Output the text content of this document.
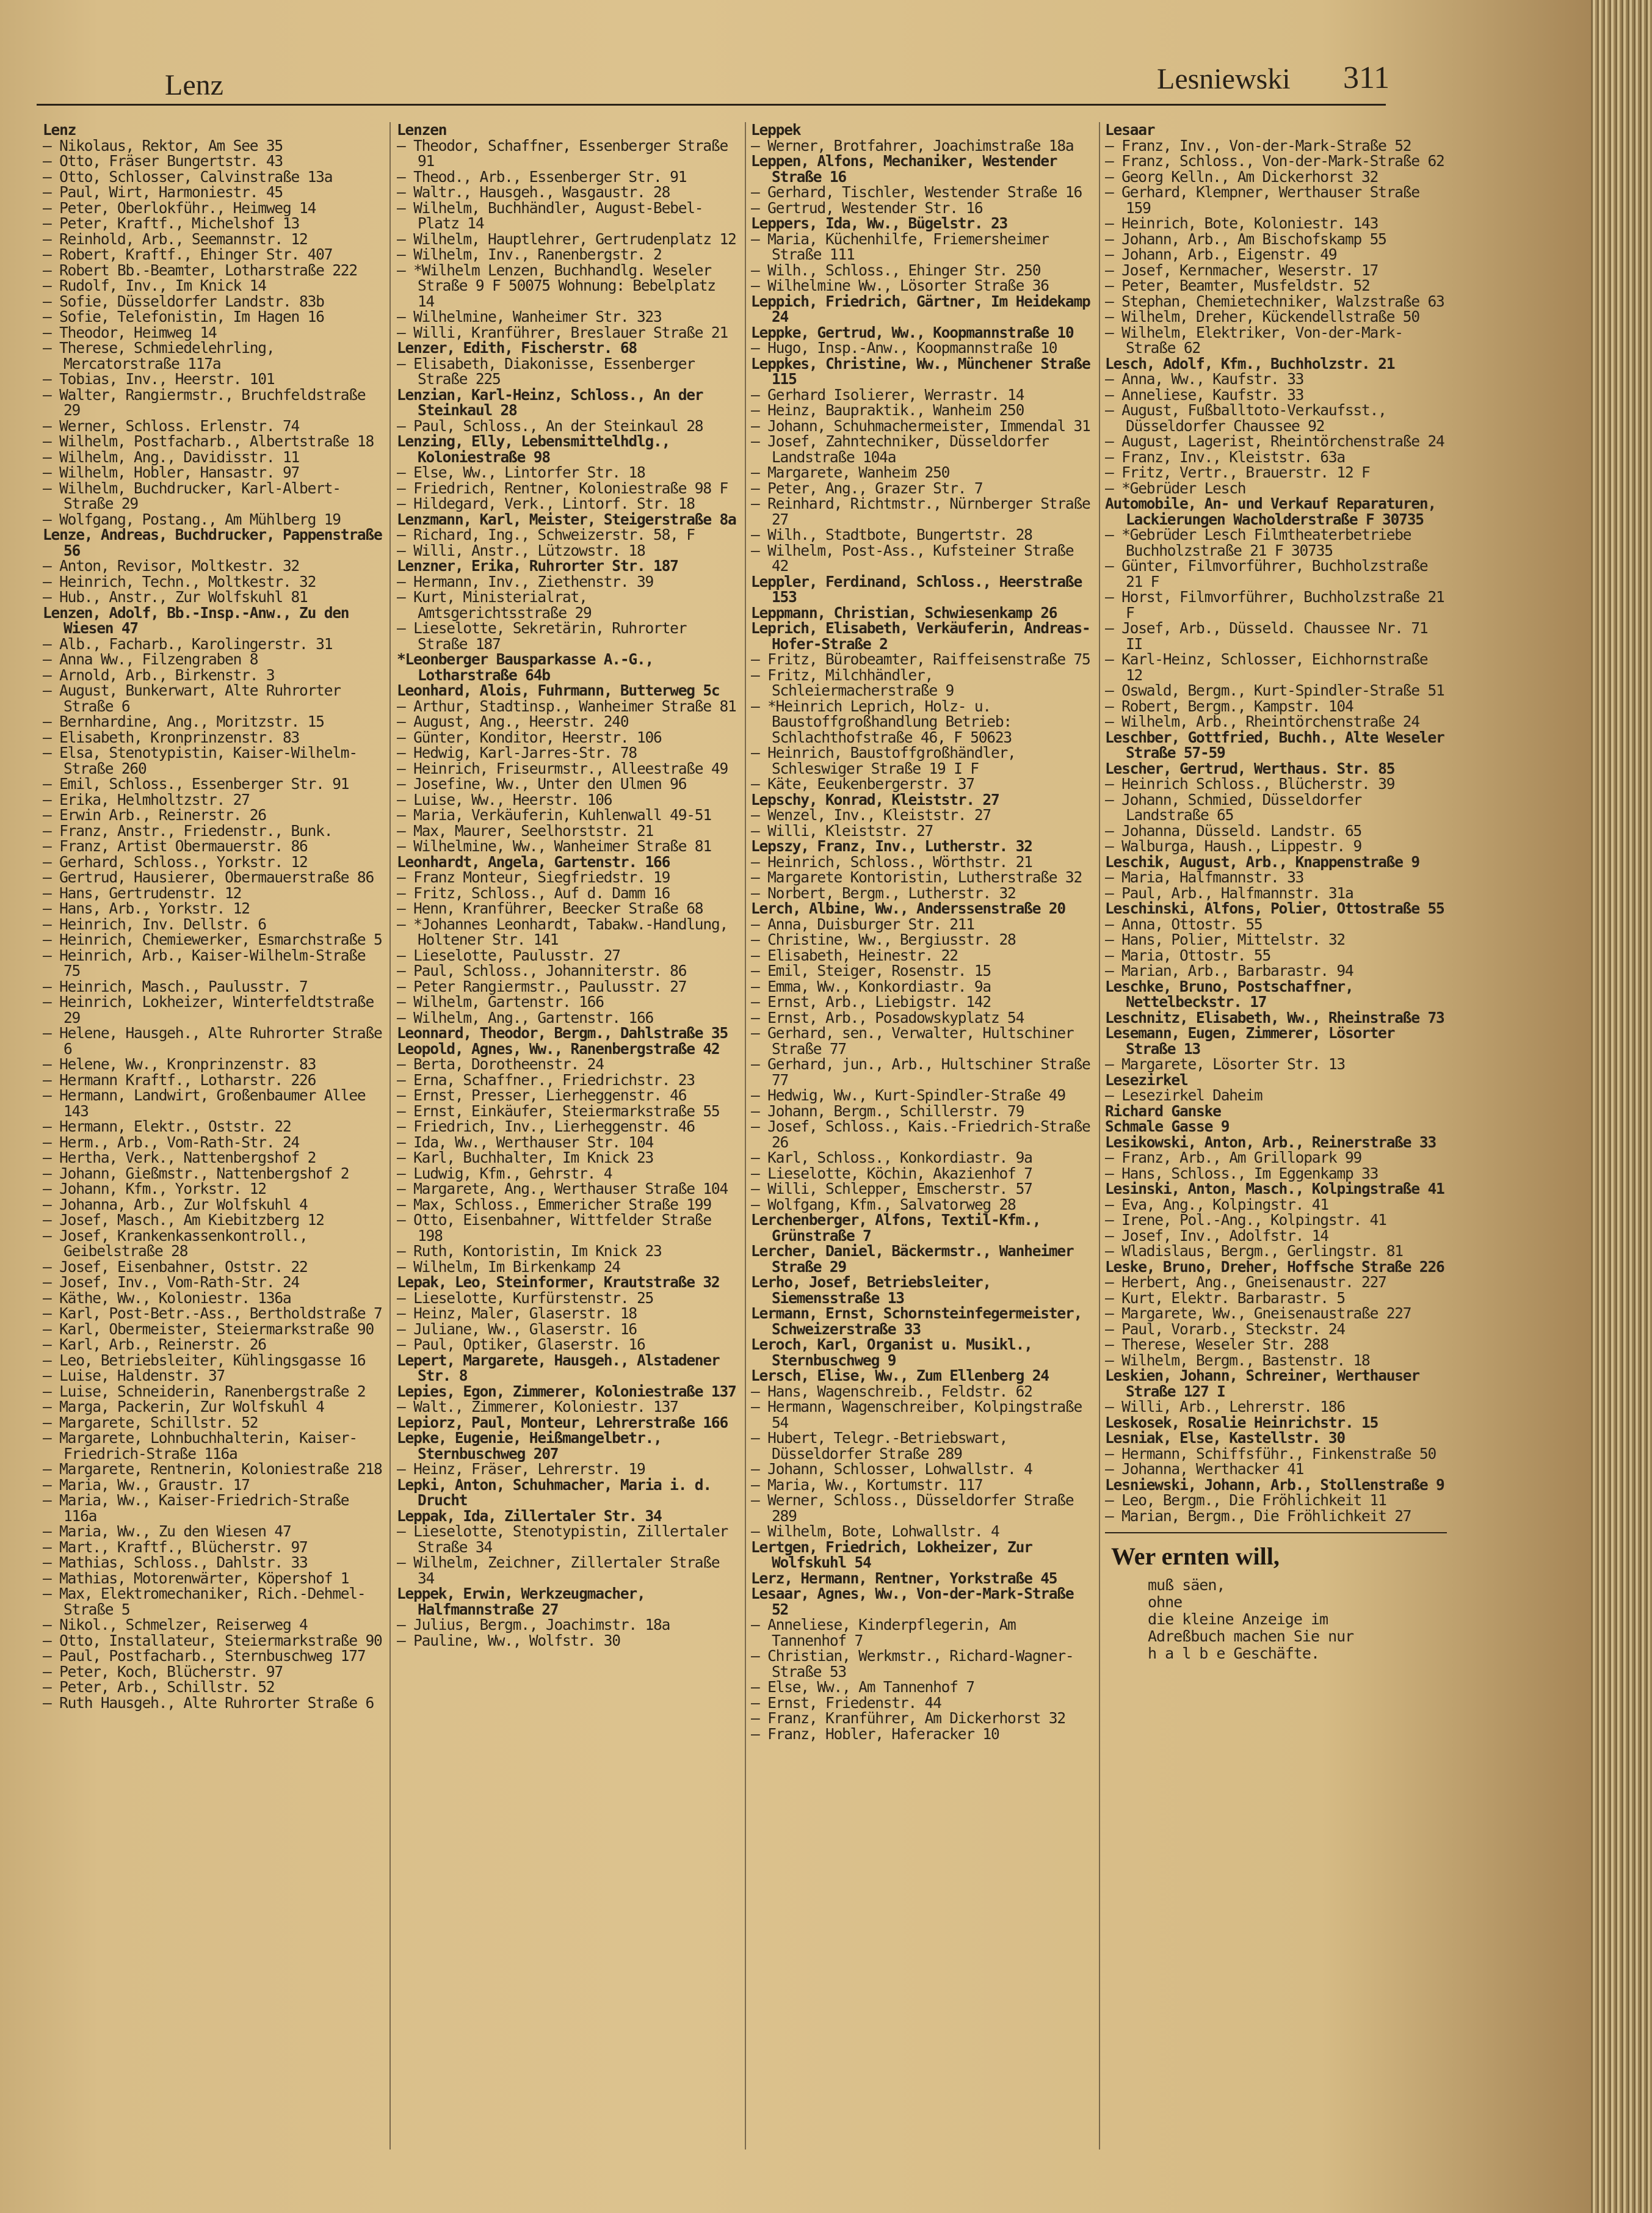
Lenz	Lesniewski 311

Lenz

— Nikolaus, Rektor, Am See 35

— Otto, Fräser Bungertstr. 43

— Otto, Schlosser, Calvinstraße 13a

— Paul, Wirt, Harmoniestr. 45

— Peter, Oberlokführ., Heimweg 14

— Peter, Kraftf., Michelshof 13

— Reinhold, Arb., Seemannstr. 12

— Robert, Kraftf., Ehinger Str. 407

— Robert Bb.-Beamter, Lotharstraße 222

— Rudolf, Inv., Im Knick 14

— Sofie, Düsseldorfer Landstr. 83b

— Sofie, Telefonistin, Im Hagen 16

— Theodor, Heimweg 14

— Therese, Schmiedelehrling, Mercatorstraße 117a

— Tobias, Inv., Heerstr. 101

— Walter, Rangiermstr., Bruchfeldstraße 29

— Werner, Schloss. Erlenstr. 74

— Wilhelm, Postfacharb., Albertstraße 18

— Wilhelm, Ang., Davidisstr. 11

— Wilhelm, Hobler, Hansastr. 97

— Wilhelm, Buchdrucker, Karl-Albert-Straße 29

— Wolfgang, Postang., Am Mühlberg 19

Lenze, Andreas, Buchdrucker, Pappenstraße 56

— Anton, Revisor, Moltkestr. 32

— Heinrich, Techn., Moltkestr. 32

— Hub., Anstr., Zur Wolfskuhl 81

Lenzen, Adolf, Bb.-Insp.-Anw., Zu den Wiesen 47

— Alb., Facharb., Karolingerstr. 31

— Anna Ww., Filzengraben 8

— Arnold, Arb., Birkenstr. 3

— August, Bunkerwart, Alte Ruhrorter Straße 6

— Bernhardine, Ang., Moritzstr. 15

— Elisabeth, Kronprinzenstr. 83

— Elsa, Stenotypistin, Kaiser-Wilhelm-Straße 260

— Emil, Schloss., Essenberger Str. 91

— Erika, Helmholtzstr. 27

— Erwin Arb., Reinerstr. 26

— Franz, Anstr., Friedenstr., Bunk.

— Franz, Artist Obermauerstr. 86

— Gerhard, Schloss., Yorkstr. 12

— Gertrud, Hausierer, Obermauerstraße 86

— Hans, Gertrudenstr. 12

— Hans, Arb., Yorkstr. 12

— Heinrich, Inv. Dellstr. 6

— Heinrich, Chemiewerker, Esmarchstraße 5

— Heinrich, Arb., Kaiser-Wilhelm-Straße 75

— Heinrich, Masch., Paulusstr. 7

— Heinrich, Lokheizer, Winterfeldtstraße 29

— Helene, Hausgeh., Alte Ruhrorter Straße 6

— Helene, Ww., Kronprinzenstr. 83

— Hermann Kraftf., Lotharstr. 226

— Hermann, Landwirt, Großenbaumer Allee 143

— Hermann, Elektr., Oststr. 22

— Herm., Arb., Vom-Rath-Str. 24

— Hertha, Verk., Nattenbergshof 2

— Johann, Gießmstr., Nattenbergshof 2

— Johann, Kfm., Yorkstr. 12

— Johanna, Arb., Zur Wolfskuhl 4

— Josef, Masch., Am Kiebitzberg 12

— Josef, Krankenkassenkontroll., Geibelstraße 28

— Josef, Eisenbahner, Oststr. 22

— Josef, Inv., Vom-Rath-Str. 24

— Käthe, Ww., Koloniestr. 136a

— Karl, Post-Betr.-Ass., Bertholdstraße 7

— Karl, Obermeister, Steiermarkstraße 90

— Karl, Arb., Reinerstr. 26

— Leo, Betriebsleiter, Kühlingsgasse 16

— Luise, Haldenstr. 37

— Luise, Schneiderin, Ranenbergstraße 2

— Marga, Packerin, Zur Wolfskuhl 4

— Margarete, Schillstr. 52

— Margarete, Lohnbuchhalterin, Kaiser-Friedrich-Straße 116a

— Margarete, Rentnerin, Koloniestraße 218

— Maria, Ww., Graustr. 17

— Maria, Ww., Kaiser-Friedrich-Straße 116a

— Maria, Ww., Zu den Wiesen 47

— Mart., Kraftf., Blücherstr. 97

— Mathias, Schloss., Dahlstr. 33

— Mathias, Motorenwärter, Köpershof 1

— Max, Elektromechaniker, Rich.-Dehmel-Straße 5

— Nikol., Schmelzer, Reiserweg 4

— Otto, Installateur, Steiermarkstraße 90

— Paul, Postfacharb., Sternbuschweg 177

— Peter, Koch, Blücherstr. 97

— Peter, Arb., Schillstr. 52

— Ruth Hausgeh., Alte Ruhrorter Straße 6

Lenzen

— Theodor, Schaffner, Essenberger Straße 91

— Theod., Arb., Essenberger Str. 91

— Waltr., Hausgeh., Wasgaustr. 28

— Wilhelm, Buchhändler, August-Bebel-Platz 14

— Wilhelm, Hauptlehrer, Gertrudenplatz 12

— Wilhelm, Inv., Ranenbergstr. 2

— *Wilhelm Lenzen, Buchhandlg. Weseler Straße 9 F 50075 Wohnung: Bebelplatz 14

— Wilhelmine, Wanheimer Str. 323

— Willi, Kranführer, Breslauer Straße 21

Lenzer, Edith, Fischerstr. 68

— Elisabeth, Diakonisse, Essenberger Straße 225

Lenzian, Karl-Heinz, Schloss., An der Steinkaul 28

— Paul, Schloss., An der Steinkaul 28

Lenzing, Elly, Lebensmittelhdlg., Koloniestraße 98

— Else, Ww., Lintorfer Str. 18

— Friedrich, Rentner, Koloniestraße 98 F

— Hildegard, Verk., Lintorf. Str. 18

Lenzmann, Karl, Meister, Steigerstraße 8a

— Richard, Ing., Schweizerstr. 58, F

— Willi, Anstr., Lützowstr. 18

Lenzner, Erika, Ruhrorter Str. 187

— Hermann, Inv., Ziethenstr. 39

— Kurt, Ministerialrat, Amtsgerichtsstraße 29

— Lieselotte, Sekretärin, Ruhrorter Straße 187

*Leonberger Bausparkasse A.-G., Lotharstraße 64b

Leonhard, Alois, Fuhrmann, Butterweg 5c

— Arthur, Stadtinsp., Wanheimer Straße 81

— August, Ang., Heerstr. 240

— Günter, Konditor, Heerstr. 106

— Hedwig, Karl-Jarres-Str. 78

— Heinrich, Friseurmstr., Alleestraße 49

— Josefine, Ww., Unter den Ulmen 96

— Luise, Ww., Heerstr. 106

— Maria, Verkäuferin, Kuhlenwall 49-51

— Max, Maurer, Seelhorststr. 21

— Wilhelmine, Ww., Wanheimer Straße 81

Leonhardt, Angela, Gartenstr. 166

— Franz Monteur, Siegfriedstr. 19

— Fritz, Schloss., Auf d. Damm 16

— Henn, Kranführer, Beecker Straße 68

— *Johannes Leonhardt, Tabakw.-Handlung, Holtener Str. 141

— Lieselotte, Paulusstr. 27

— Paul, Schloss., Johanniterstr. 86

— Peter Rangiermstr., Paulusstr. 27

— Wilhelm, Gartenstr. 166

— Wilhelm, Ang., Gartenstr. 166

Leonnard, Theodor, Bergm., Dahlstraße 35

Leopold, Agnes, Ww., Ranenbergstraße 42

— Berta, Dorotheenstr. 24

— Erna, Schaffner., Friedrichstr. 23

— Ernst, Presser, Lierheggenstr. 46

— Ernst, Einkäufer, Steiermarkstraße 55

— Friedrich, Inv., Lierheggenstr. 46

— Ida, Ww., Werthauser Str. 104

— Karl, Buchhalter, Im Knick 23

— Ludwig, Kfm., Gehrstr. 4

— Margarete, Ang., Werthauser Straße 104

— Max, Schloss., Emmericher Straße 199

— Otto, Eisenbahner, Wittfelder Straße 198

— Ruth, Kontoristin, Im Knick 23

— Wilhelm, Im Birkenkamp 24

Lepak, Leo, Steinformer, Krautstraße 32

— Lieselotte, Kurfürstenstr. 25

— Heinz, Maler, Glaserstr. 18

— Juliane, Ww., Glaserstr. 16

— Paul, Optiker, Glaserstr. 16

Lepert, Margarete, Hausgeh., Alstadener Str. 8

Lepies, Egon, Zimmerer, Koloniestraße 137

— Walt., Zimmerer, Koloniestr. 137

Lepiorz, Paul, Monteur, Lehrerstraße 166

Lepke, Eugenie, Heißmangelbetr., Sternbuschweg 207

— Heinz, Fräser, Lehrerstr. 19

Lepki, Anton, Schuhmacher, Maria i. d. Drucht

Leppak, Ida, Zillertaler Str. 34

— Lieselotte, Stenotypistin, Zillertaler Straße 34

— Wilhelm, Zeichner, Zillertaler Straße 34

Leppek, Erwin, Werkzeugmacher, Halfmannstraße 27

— Julius, Bergm., Joachimstr. 18a

— Pauline, Ww., Wolfstr. 30

Leppek

— Werner, Brotfahrer, Joachimstraße 18a

Leppen, Alfons, Mechaniker, Westender Straße 16

— Gerhard, Tischler, Westender Straße 16

— Gertrud, Westender Str. 16

Leppers, Ida, Ww., Bügelstr. 23

— Maria, Küchenhilfe, Friemersheimer Straße 111

— Wilh., Schloss., Ehinger Str. 250

— Wilhelmine Ww., Lösorter Straße 36

Leppich, Friedrich, Gärtner, Im Heidekamp 24

Leppke, Gertrud, Ww., Koopmannstraße 10

— Hugo, Insp.-Anw., Koopmannstraße 10

Leppkes, Christine, Ww., Münchener Straße 115

— Gerhard Isolierer, Werrastr. 14

— Heinz, Baupraktik., Wanheim 250

— Johann, Schuhmachermeister, Immendal 31

— Josef, Zahntechniker, Düsseldorfer Landstraße 104a

— Margarete, Wanheim 250

— Peter, Ang., Grazer Str. 7

— Reinhard, Richtmstr., Nürnberger Straße 27

— Wilh., Stadtbote, Bungertstr. 28

— Wilhelm, Post-Ass., Kufsteiner Straße 42

Leppler, Ferdinand, Schloss., Heerstraße 153

Leppmann, Christian, Schwiesenkamp 26

Leprich, Elisabeth, Verkäuferin, Andreas-Hofer-Straße 2

— Fritz, Bürobeamter, Raiffeisenstraße 75

— Fritz, Milchhändler, Schleiermacherstraße 9

— *Heinrich Leprich, Holz- u. Baustoffgroßhandlung Betrieb: Schlachthofstraße 46, F 50623

— Heinrich, Baustoffgroßhändler, Schleswiger Straße 19 I F

— Käte, Eeukenbergerstr. 37

Lepschy, Konrad, Kleiststr. 27

— Wenzel, Inv., Kleiststr. 27

— Willi, Kleiststr. 27

Lepszy, Franz, Inv., Lutherstr. 32

— Heinrich, Schloss., Wörthstr. 21

— Margarete Kontoristin, Lutherstraße 32

— Norbert, Bergm., Lutherstr. 32

Lerch, Albine, Ww., Anderssenstraße 20

— Anna, Duisburger Str. 211

— Christine, Ww., Bergiusstr. 28

— Elisabeth, Heinestr. 22

— Emil, Steiger, Rosenstr. 15

— Emma, Ww., Konkordiastr. 9a

— Ernst, Arb., Liebigstr. 142

— Ernst, Arb., Posadowskyplatz 54

— Gerhard, sen., Verwalter, Hultschiner Straße 77

— Gerhard, jun., Arb., Hultschiner Straße 77

— Hedwig, Ww., Kurt-Spindler-Straße 49

— Johann, Bergm., Schillerstr. 79

— Josef, Schloss., Kais.-Friedrich-Straße 26

— Karl, Schloss., Konkordiastr. 9a

— Lieselotte, Köchin, Akazienhof 7

— Willi, Schlepper, Emscherstr. 57

— Wolfgang, Kfm., Salvatorweg 28

Lerchenberger, Alfons, Textil-Kfm., Grünstraße 7

Lercher, Daniel, Bäckermstr., Wanheimer Straße 29

Lerho, Josef, Betriebsleiter, Siemensstraße 13

Lermann, Ernst, Schornsteinfegermeister, Schweizerstraße 33

Leroch, Karl, Organist u. Musikl., Sternbuschweg 9

Lersch, Elise, Ww., Zum Ellenberg 24

— Hans, Wagenschreib., Feldstr. 62

— Hermann, Wagenschreiber, Kolpingstraße 54

— Hubert, Telegr.-Betriebswart, Düsseldorfer Straße 289

— Johann, Schlosser, Lohwallstr. 4

— Maria, Ww., Kortumstr. 117

— Werner, Schloss., Düsseldorfer Straße 289

— Wilhelm, Bote, Lohwallstr. 4

Lertgen, Friedrich, Lokheizer, Zur Wolfskuhl 54

Lerz, Hermann, Rentner, Yorkstraße 45

Lesaar, Agnes, Ww., Von-der-Mark-Straße 52

— Anneliese, Kinderpflegerin, Am Tannenhof 7

— Christian, Werkmstr., Richard-Wagner-Straße 53

— Else, Ww., Am Tannenhof 7

— Ernst, Friedenstr. 44

— Franz, Kranführer, Am Dickerhorst 32

— Franz, Hobler, Haferacker 10

Lesaar

— Franz, Inv., Von-der-Mark-Straße 52

— Franz, Schloss., Von-der-Mark-Straße 62

— Georg Kelln., Am Dickerhorst 32

— Gerhard, Klempner, Werthauser Straße 159

— Heinrich, Bote, Koloniestr. 143

— Johann, Arb., Am Bischofskamp 55

— Johann, Arb., Eigenstr. 49

— Josef, Kernmacher, Weserstr. 17

— Peter, Beamter, Musfeldstr. 52

— Stephan, Chemietechniker, Walzstraße 63

— Wilhelm, Dreher, Kückendellstraße 50

— Wilhelm, Elektriker, Von-der-Mark-Straße 62

Lesch, Adolf, Kfm., Buchholzstr. 21

— Anna, Ww., Kaufstr. 33

— Anneliese, Kaufstr. 33

— August, Fußballtoto-Verkaufsst., Düsseldorfer Chaussee 92

— August, Lagerist, Rheintörchenstraße 24

— Franz, Inv., Kleiststr. 63a

— Fritz, Vertr., Brauerstr. 12 F

— *Gebrüder Lesch

Automobile, An- und Verkauf Reparaturen, Lackierungen Wacholderstraße F 30735

— *Gebrüder Lesch Filmtheaterbetriebe Buchholzstraße 21 F 30735

— Günter, Filmvorführer, Buchholzstraße 21 F

— Horst, Filmvorführer, Buchholzstraße 21 F

— Josef, Arb., Düsseld. Chaussee Nr. 71 II

— Karl-Heinz, Schlosser, Eichhornstraße 12

— Oswald, Bergm., Kurt-Spindler-Straße 51

— Robert, Bergm., Kampstr. 104

— Wilhelm, Arb., Rheintörchenstraße 24

Leschber, Gottfried, Buchh., Alte Weseler Straße 57-59

Lescher, Gertrud, Werthaus. Str. 85

— Heinrich Schloss., Blücherstr. 39

— Johann, Schmied, Düsseldorfer Landstraße 65

— Johanna, Düsseld. Landstr. 65

— Walburga, Haush., Lippestr. 9

Leschik, August, Arb., Knappenstraße 9

— Maria, Halfmannstr. 33

— Paul, Arb., Halfmannstr. 31a

Leschinski, Alfons, Polier, Ottostraße 55

— Anna, Ottostr. 55

— Hans, Polier, Mittelstr. 32

— Maria, Ottostr. 55

— Marian, Arb., Barbarastr. 94

Leschke, Bruno, Postschaffner, Nettelbeckstr. 17

Leschnitz, Elisabeth, Ww., Rheinstraße 73

Lesemann, Eugen, Zimmerer, Lösorter Straße 13

— Margarete, Lösorter Str. 13

Lesezirkel

— Lesezirkel Daheim

Richard Ganske

Schmale Gasse 9

Lesikowski, Anton, Arb., Reinerstraße 33

— Franz, Arb., Am Grillopark 99

— Hans, Schloss., Im Eggenkamp 33

Lesinski, Anton, Masch., Kolpingstraße 41

— Eva, Ang., Kolpingstr. 41

— Irene, Pol.-Ang., Kolpingstr. 41

— Josef, Inv., Adolfstr. 14

— Wladislaus, Bergm., Gerlingstr. 81

Leske, Bruno, Dreher, Hoffsche Straße 226

— Herbert, Ang., Gneisenaustr. 227

— Kurt, Elektr. Barbarastr. 5

— Margarete, Ww., Gneisenaustraße 227

— Paul, Vorarb., Steckstr. 24

— Therese, Weseler Str. 288

— Wilhelm, Bergm., Bastenstr. 18

Leskien, Johann, Schreiner, Werthauser Straße 127 I

— Willi, Arb., Lehrerstr. 186

Leskosek, Rosalie Heinrichstr. 15

Lesniak, Else, Kastellstr. 30

— Hermann, Schiffsführ., Finkenstraße 50

— Johanna, Werthacker 41

Lesniewski, Johann, Arb., Stollenstraße 9

— Leo, Bergm., Die Fröhlichkeit 11

— Marian, Bergm., Die Fröhlichkeit 27

Wer ernten will,
muß säen,
ohne
die kleine Anzeige im
Adreßbuch machen Sie nur
h a l b e Geschäfte.
